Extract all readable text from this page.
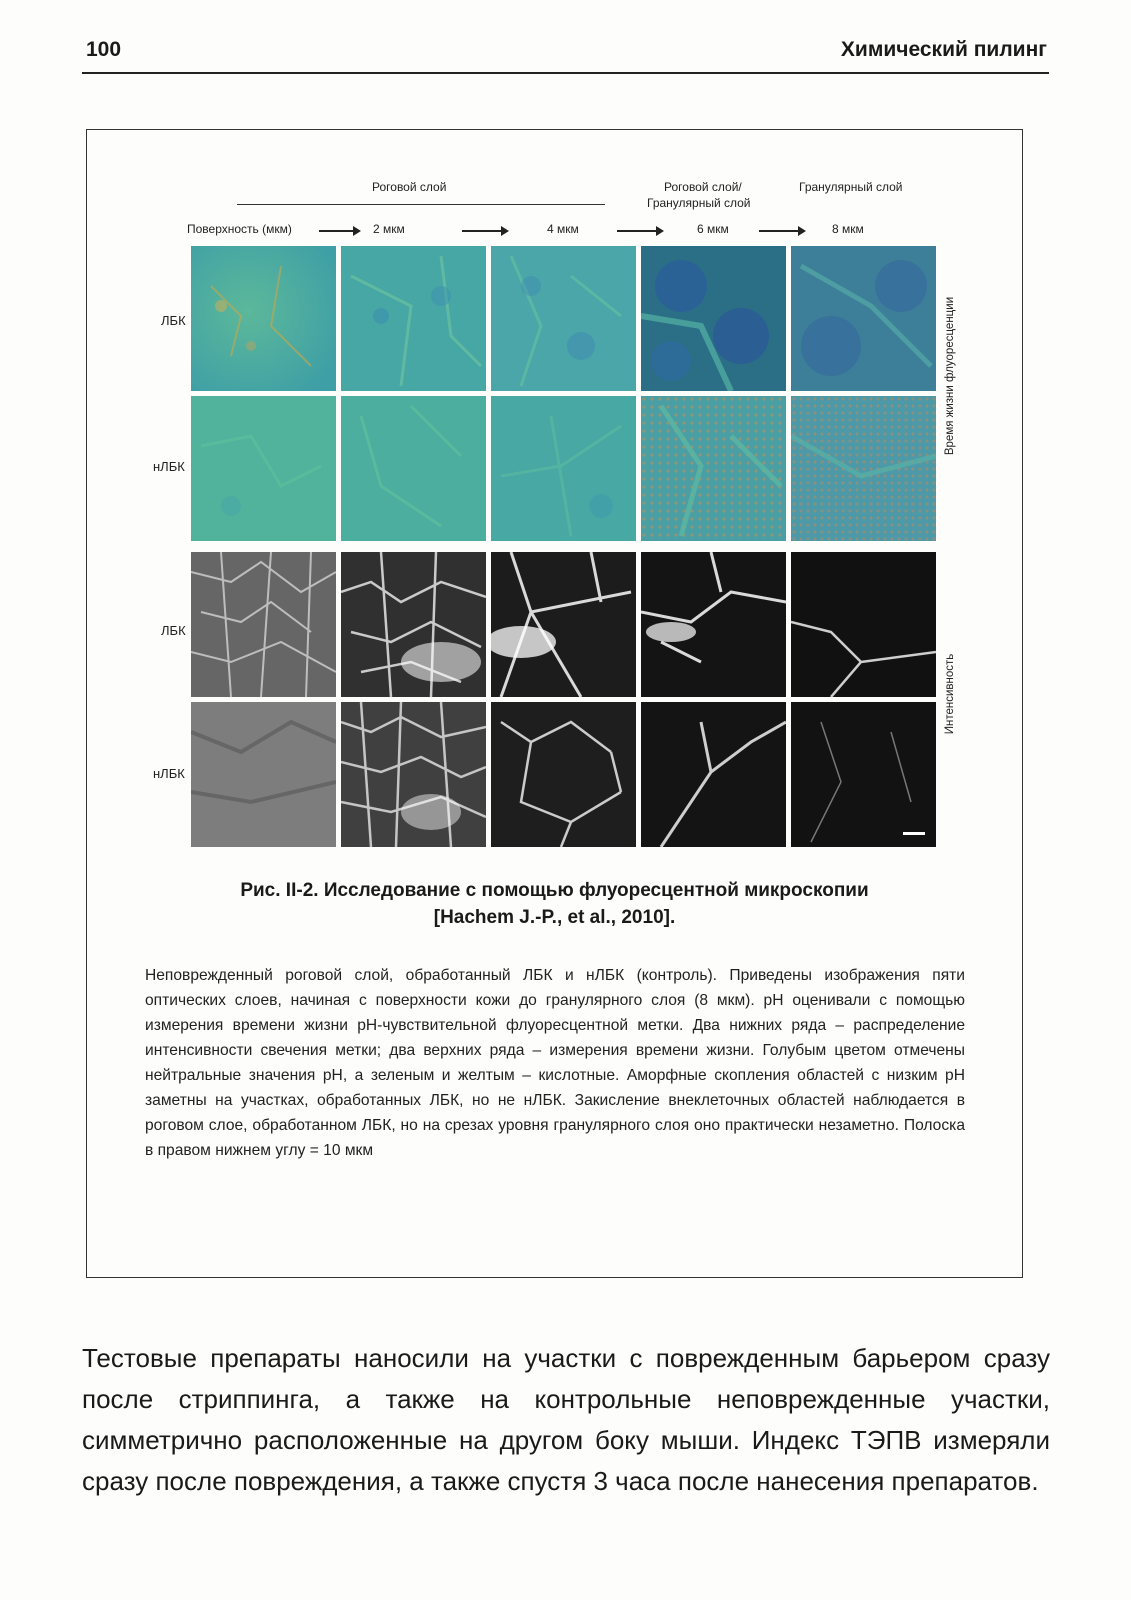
100	Химический пилинг
Роговой слой	Роговой слой/
Гранулярный слой
Гранулярный слой
Поверхность (мкм)	2 мкм	4 мкм	6 мкм	8 мкм
ЛБК
нЛБК
ЛБК
нЛБК
Время жизни флуоресценции
Интенсивность
Рис. II-2. Исследование с помощью флуоресцентной микроскопии
[Hachem J.-P., et al., 2010].

Неповрежденный роговой слой, обработанный ЛБК и нЛБК (контроль). Приведены изображения пяти оптических слоев, начиная с поверхности кожи до гранулярного слоя (8 мкм). pH оценивали с помощью измерения времени жизни pH-чувствительной флуоресцентной метки. Два нижних ряда – распределение интенсивности свечения метки; два верхних ряда – измерения времени жизни. Голубым цветом отмечены нейтральные значения pH, а зеленым и желтым – кислотные. Аморфные скопления областей с низким pH заметны на участках, обработанных ЛБК, но не нЛБК. Закисление внеклеточных областей наблюдается в роговом слое, обработанном ЛБК, но на срезах уровня гранулярного слоя оно практически незаметно. Полоска в правом нижнем углу = 10 мкм

Тестовые препараты наносили на участки с поврежденным барьером сразу после стриппинга, а также на контрольные неповрежденные участки, симметрично расположенные на другом боку мыши. Индекс ТЭПВ измеряли сразу после повреждения, а также спустя 3 часа после нанесения препаратов.
